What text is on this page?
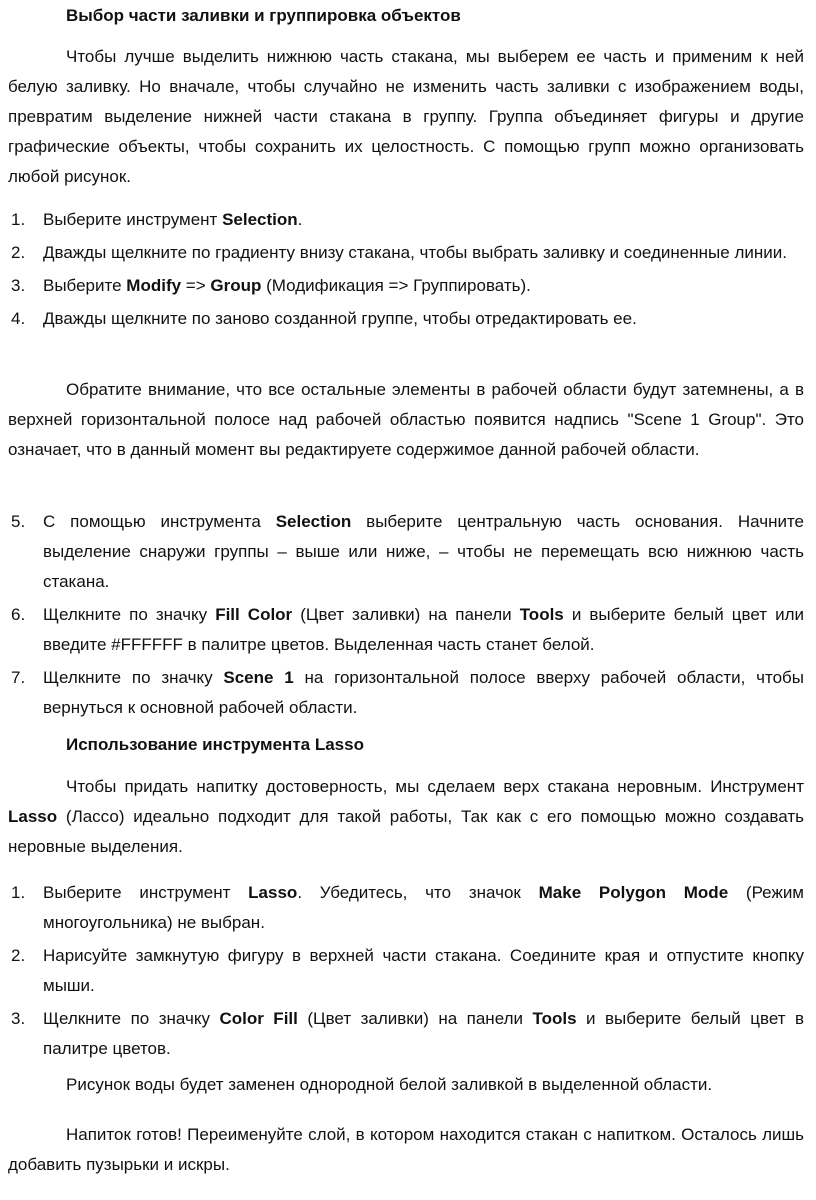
Выбор части заливки и группировка объектов

Чтобы лучше выделить нижнюю часть стакана, мы выберем ее часть и применим к ней белую заливку. Но вначале, чтобы случайно не изменить часть заливки с изображением воды, превратим выделение нижней части стакана в группу. Группа объединяет фигуры и другие графические объекты, чтобы сохранить их целостность. С помощью групп можно организовать любой рисунок.

1. Выберите инструмент Selection.
2. Дважды щелкните по градиенту внизу стакана, чтобы выбрать заливку и соединенные линии.
3. Выберите Modify => Group (Модификация => Группировать).
4. Дважды щелкните по заново созданной группе, чтобы отредактировать ее.

Обратите внимание, что все остальные элементы в рабочей области будут затемнены, а в верхней горизонтальной полосе над рабочей областью появится надпись "Scene 1 Group". Это означает, что в данный момент вы редактируете содержимое данной рабочей области.

5. С помощью инструмента Selection выберите центральную часть основания. Начните выделение снаружи группы – выше или ниже, – чтобы не перемещать всю нижнюю часть стакана.
6. Щелкните по значку Fill Color (Цвет заливки) на панели Tools и выберите белый цвет или введите #FFFFFF в палитре цветов. Выделенная часть станет белой.
7. Щелкните по значку Scene 1 на горизонтальной полосе вверху рабочей области, чтобы вернуться к основной рабочей области.

Использование инструмента Lasso

Чтобы придать напитку достоверность, мы сделаем верх стакана неровным. Инструмент Lasso (Лассо) идеально подходит для такой работы, Так как с его помощью можно создавать неровные выделения.

1. Выберите инструмент Lasso. Убедитесь, что значок Make Polygon Mode (Режим многоугольника) не выбран.
2. Нарисуйте замкнутую фигуру в верхней части стакана. Соедините края и отпустите кнопку мыши.
3. Щелкните по значку Color Fill (Цвет заливки) на панели Tools и выберите белый цвет в палитре цветов.

Рисунок воды будет заменен однородной белой заливкой в выделенной области.

Напиток готов! Переименуйте слой, в котором находится стакан с напитком. Осталось лишь добавить пузырьки и искры.
